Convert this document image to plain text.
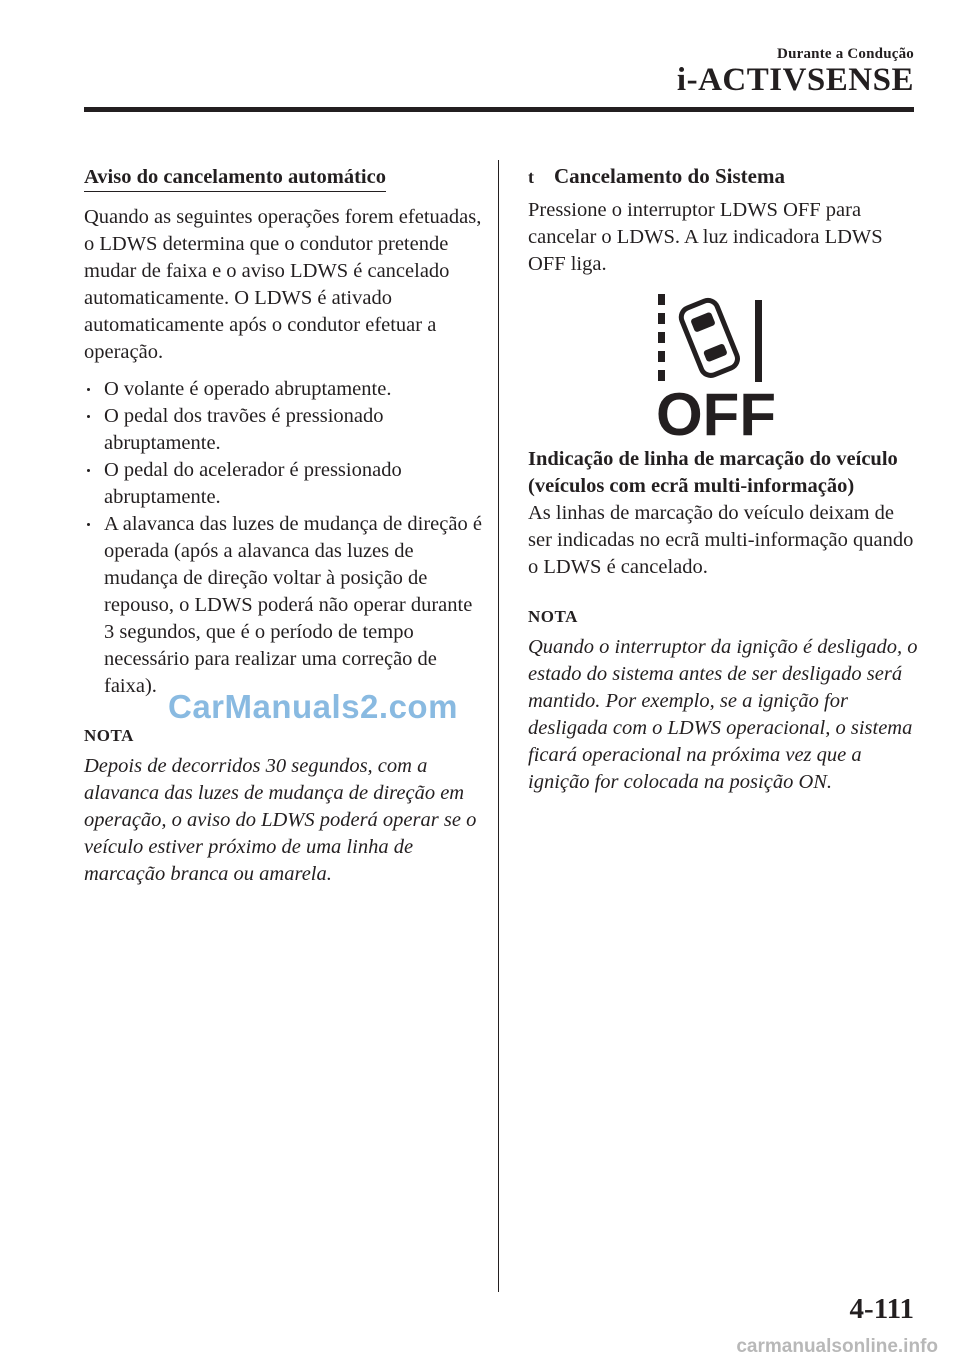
Durante a Condução
i-ACTIVSENSE
Aviso do cancelamento automático

Quando as seguintes operações forem efetuadas, o LDWS determina que o condutor pretende mudar de faixa e o aviso LDWS é cancelado automaticamente. O LDWS é ativado automaticamente após o condutor efetuar a operação.

O volante é operado abruptamente.
O pedal dos travões é pressionado abruptamente.
O pedal do acelerador é pressionado abruptamente.
A alavanca das luzes de mudança de direção é operada (após a alavanca das luzes de mudança de direção voltar à posição de repouso, o LDWS poderá não operar durante 3 segundos, que é o período de tempo necessário para realizar uma correção de faixa).
NOTA
Depois de decorridos 30 segundos, com a alavanca das luzes de mudança de direção em operação, o aviso do LDWS poderá operar se o veículo estiver próximo de uma linha de marcação branca ou amarela.
t Cancelamento do Sistema

Pressione o interruptor LDWS OFF para cancelar o LDWS. A luz indicadora LDWS OFF liga.

OFF
Indicação de linha de marcação do veículo (veículos com ecrã multi-informação)

As linhas de marcação do veículo deixam de ser indicadas no ecrã multi-informação quando o LDWS é cancelado.

NOTA
Quando o interruptor da ignição é desligado, o estado do sistema antes de ser desligado será mantido. Por exemplo, se a ignição for desligada com o LDWS operacional, o sistema ficará operacional na próxima vez que a ignição for colocada na posição ON.
4-111
CarManuals2.com
carmanualsonline.info
